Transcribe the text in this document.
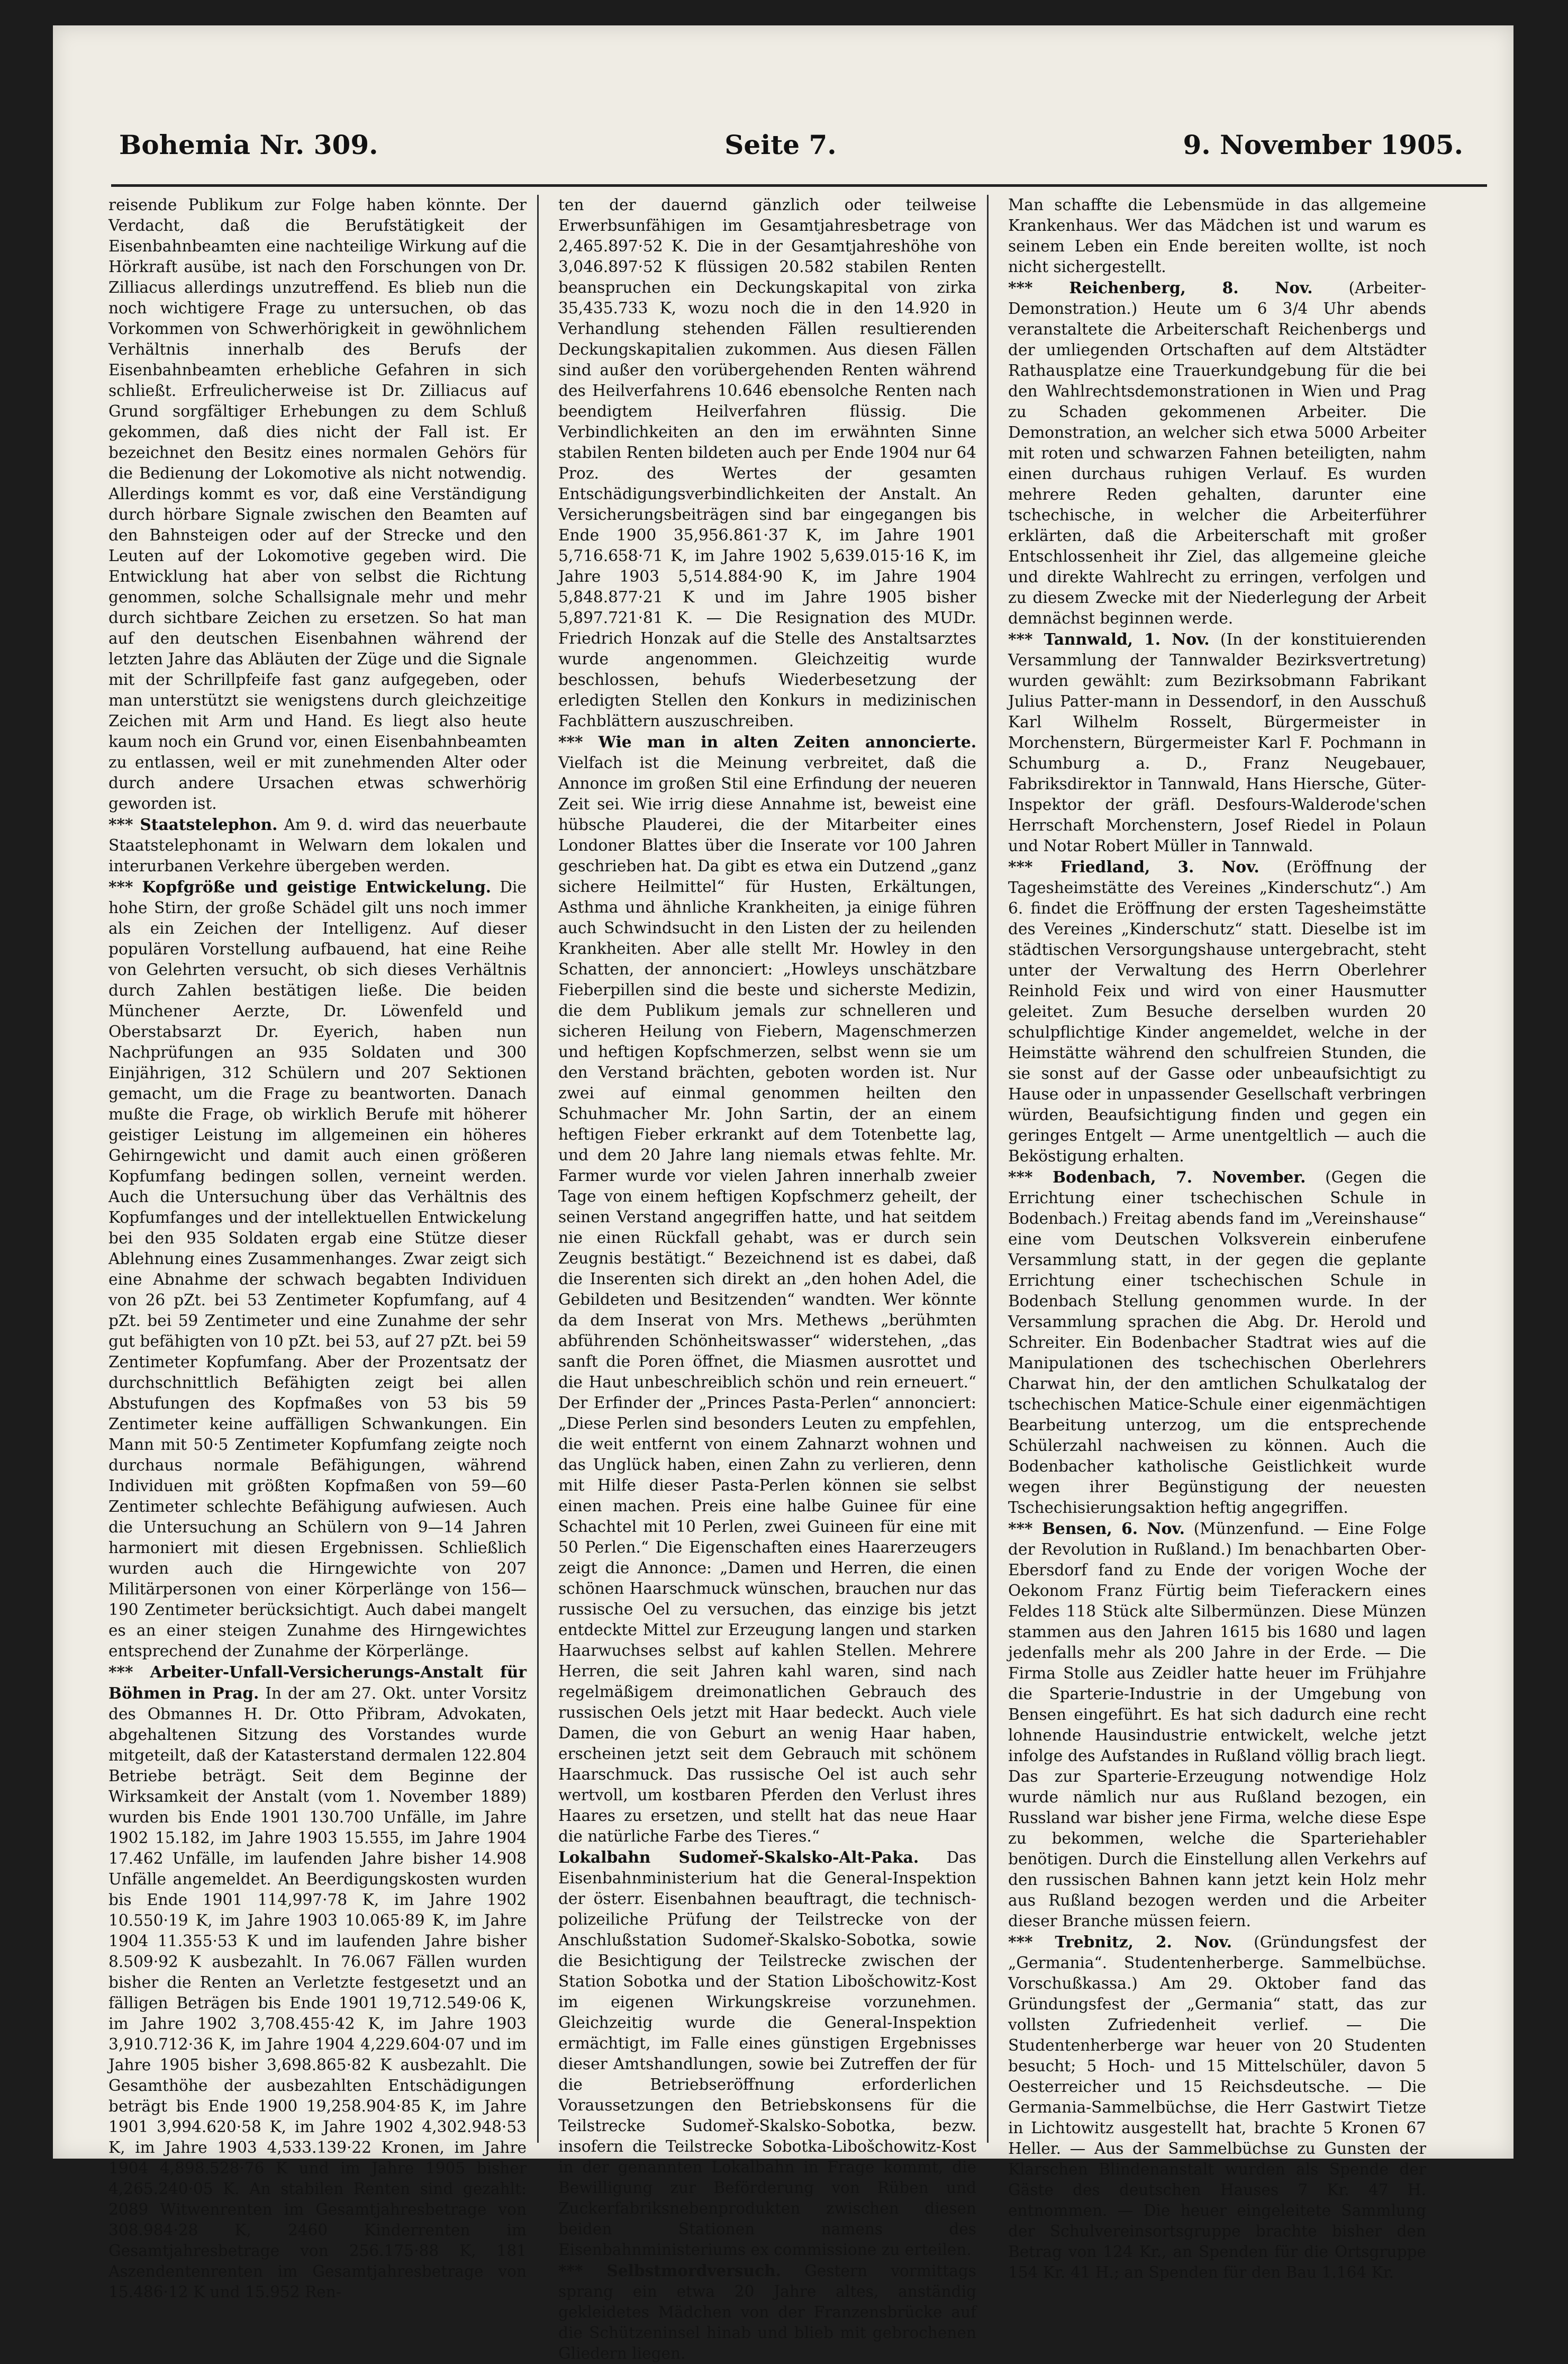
Bohemia Nr. 309.	Seite 7.	9. November 1905.

reisende Publikum zur Folge haben könnte. Der Verdacht, daß die Berufstätigkeit der Eisenbahnbeamten eine nachteilige Wirkung auf die Hörkraft ausübe, ist nach den Forschungen von Dr. Zilliacus allerdings unzutreffend. Es blieb nun die noch wichtigere Frage zu untersuchen, ob das Vorkommen von Schwerhörigkeit in gewöhnlichem Verhältnis innerhalb des Berufs der Eisenbahnbeamten erhebliche Gefahren in sich schließt. Erfreulicherweise ist Dr. Zilliacus auf Grund sorgfältiger Erhebungen zu dem Schluß gekommen, daß dies nicht der Fall ist. Er bezeichnet den Besitz eines normalen Gehörs für die Bedienung der Lokomotive als nicht notwendig. Allerdings kommt es vor, daß eine Verständigung durch hörbare Signale zwischen den Beamten auf den Bahnsteigen oder auf der Strecke und den Leuten auf der Lokomotive gegeben wird. Die Entwicklung hat aber von selbst die Richtung genommen, solche Schallsignale mehr und mehr durch sichtbare Zeichen zu ersetzen. So hat man auf den deutschen Eisenbahnen während der letzten Jahre das Abläuten der Züge und die Signale mit der Schrillpfeife fast ganz aufgegeben, oder man unterstützt sie wenigstens durch gleichzeitige Zeichen mit Arm und Hand. Es liegt also heute kaum noch ein Grund vor, einen Eisenbahnbeamten zu entlassen, weil er mit zunehmenden Alter oder durch andere Ursachen etwas schwerhörig geworden ist.

*** Staatstelephon. Am 9. d. wird das neuerbaute Staatstelephonamt in Welwarn dem lokalen und interurbanen Verkehre übergeben werden.

*** Kopfgröße und geistige Entwickelung. Die hohe Stirn, der große Schädel gilt uns noch immer als ein Zeichen der Intelligenz. Auf dieser populären Vorstellung aufbauend, hat eine Reihe von Gelehrten versucht, ob sich dieses Verhältnis durch Zahlen bestätigen ließe. Die beiden Münchener Aerzte, Dr. Löwenfeld und Oberstabsarzt Dr. Eyerich, haben nun Nachprüfungen an 935 Soldaten und 300 Einjährigen, 312 Schülern und 207 Sektionen gemacht, um die Frage zu beantworten. Danach mußte die Frage, ob wirklich Berufe mit höherer geistiger Leistung im allgemeinen ein höheres Gehirngewicht und damit auch einen größeren Kopfumfang bedingen sollen, verneint werden. Auch die Untersuchung über das Verhältnis des Kopfumfanges und der intellektuellen Entwickelung bei den 935 Soldaten ergab eine Stütze dieser Ablehnung eines Zusammenhanges. Zwar zeigt sich eine Abnahme der schwach begabten Individuen von 26 pZt. bei 53 Zentimeter Kopfumfang, auf 4 pZt. bei 59 Zentimeter und eine Zunahme der sehr gut befähigten von 10 pZt. bei 53, auf 27 pZt. bei 59 Zentimeter Kopfumfang. Aber der Prozentsatz der durchschnittlich Befähigten zeigt bei allen Abstufungen des Kopfmaßes von 53 bis 59 Zentimeter keine auffälligen Schwankungen. Ein Mann mit 50·5 Zentimeter Kopfumfang zeigte noch durchaus normale Befähigungen, während Individuen mit größten Kopfmaßen von 59—60 Zentimeter schlechte Befähigung aufwiesen. Auch die Untersuchung an Schülern von 9—14 Jahren harmoniert mit diesen Ergebnissen. Schließlich wurden auch die Hirngewichte von 207 Militärpersonen von einer Körperlänge von 156—190 Zentimeter berücksichtigt. Auch dabei mangelt es an einer steigen Zunahme des Hirngewichtes entsprechend der Zunahme der Körperlänge.

*** Arbeiter-Unfall-Versicherungs-Anstalt für Böhmen in Prag. In der am 27. Okt. unter Vorsitz des Obmannes H. Dr. Otto Přibram, Advokaten, abgehaltenen Sitzung des Vorstandes wurde mitgeteilt, daß der Katasterstand dermalen 122.804 Betriebe beträgt. Seit dem Beginne der Wirksamkeit der Anstalt (vom 1. November 1889) wurden bis Ende 1901 130.700 Unfälle, im Jahre 1902 15.182, im Jahre 1903 15.555, im Jahre 1904 17.462 Unfälle, im laufenden Jahre bisher 14.908 Unfälle angemeldet. An Beerdigungskosten wurden bis Ende 1901 114,997·78 K, im Jahre 1902 10.550·19 K, im Jahre 1903 10.065·89 K, im Jahre 1904 11.355·53 K und im laufenden Jahre bisher 8.509·92 K ausbezahlt. In 76.067 Fällen wurden bisher die Renten an Verletzte festgesetzt und an fälligen Beträgen bis Ende 1901 19,712.549·06 K, im Jahre 1902 3,708.455·42 K, im Jahre 1903 3,910.712·36 K, im Jahre 1904 4,229.604·07 und im Jahre 1905 bisher 3,698.865·82 K ausbezahlt. Die Gesamthöhe der ausbezahlten Entschädigungen beträgt bis Ende 1900 19,258.904·85 K, im Jahre 1901 3,994.620·58 K, im Jahre 1902 4,302.948·53 K, im Jahre 1903 4,533.139·22 Kronen, im Jahre 1904 4,898.528·76 K und im Jahre 1905 bisher 4,265.240·05 K. An stabilen Renten sind gezahlt: 2089 Witwenrenten im Gesamtjahresbetrage von 308.984·28 K, 2460 Kinderrenten im Gesamtjahresbetrage von 256.175·88 K, 181 Aszendentenrenten im Gesamtjahresbetrage von 15.486·12 K und 15.952 Ren-

ten der dauernd gänzlich oder teilweise Erwerbsunfähigen im Gesamtjahresbetrage von 2,465.897·52 K. Die in der Gesamtjahreshöhe von 3,046.897·52 K flüssigen 20.582 stabilen Renten beanspruchen ein Deckungskapital von zirka 35,435.733 K, wozu noch die in den 14.920 in Verhandlung stehenden Fällen resultierenden Deckungskapitalien zukommen. Aus diesen Fällen sind außer den vorübergehenden Renten während des Heilverfahrens 10.646 ebensolche Renten nach beendigtem Heilverfahren flüssig. Die Verbindlichkeiten an den im erwähnten Sinne stabilen Renten bildeten auch per Ende 1904 nur 64 Proz. des Wertes der gesamten Entschädigungsverbindlichkeiten der Anstalt. An Versicherungsbeiträgen sind bar eingegangen bis Ende 1900 35,956.861·37 K, im Jahre 1901 5,716.658·71 K, im Jahre 1902 5,639.015·16 K, im Jahre 1903 5,514.884·90 K, im Jahre 1904 5,848.877·21 K und im Jahre 1905 bisher 5,897.721·81 K. — Die Resignation des MUDr. Friedrich Honzak auf die Stelle des Anstaltsarztes wurde angenommen. Gleichzeitig wurde beschlossen, behufs Wiederbesetzung der erledigten Stellen den Konkurs in medizinischen Fachblättern auszuschreiben.

*** Wie man in alten Zeiten annoncierte. Vielfach ist die Meinung verbreitet, daß die Annonce im großen Stil eine Erfindung der neueren Zeit sei. Wie irrig diese Annahme ist, beweist eine hübsche Plauderei, die der Mitarbeiter eines Londoner Blattes über die Inserate vor 100 Jahren geschrieben hat. Da gibt es etwa ein Dutzend „ganz sichere Heilmittel“ für Husten, Erkältungen, Asthma und ähnliche Krankheiten, ja einige führen auch Schwindsucht in den Listen der zu heilenden Krankheiten. Aber alle stellt Mr. Howley in den Schatten, der annonciert: „Howleys unschätzbare Fieberpillen sind die beste und sicherste Medizin, die dem Publikum jemals zur schnelleren und sicheren Heilung von Fiebern, Magenschmerzen und heftigen Kopfschmerzen, selbst wenn sie um den Verstand brächten, geboten worden ist. Nur zwei auf einmal genommen heilten den Schuhmacher Mr. John Sartin, der an einem heftigen Fieber erkrankt auf dem Totenbette lag, und dem 20 Jahre lang niemals etwas fehlte. Mr. Farmer wurde vor vielen Jahren innerhalb zweier Tage von einem heftigen Kopfschmerz geheilt, der seinen Verstand angegriffen hatte, und hat seitdem nie einen Rückfall gehabt, was er durch sein Zeugnis bestätigt.“ Bezeichnend ist es dabei, daß die Inserenten sich direkt an „den hohen Adel, die Gebildeten und Besitzenden“ wandten. Wer könnte da dem Inserat von Mrs. Methews „berühmten abführenden Schönheitswasser“ widerstehen, „das sanft die Poren öffnet, die Miasmen ausrottet und die Haut unbeschreiblich schön und rein erneuert.“ Der Erfinder der „Princes Pasta-Perlen“ annonciert: „Diese Perlen sind besonders Leuten zu empfehlen, die weit entfernt von einem Zahnarzt wohnen und das Unglück haben, einen Zahn zu verlieren, denn mit Hilfe dieser Pasta-Perlen können sie selbst einen machen. Preis eine halbe Guinee für eine Schachtel mit 10 Perlen, zwei Guineen für eine mit 50 Perlen.“ Die Eigenschaften eines Haarerzeugers zeigt die Annonce: „Damen und Herren, die einen schönen Haarschmuck wünschen, brauchen nur das russische Oel zu versuchen, das einzige bis jetzt entdeckte Mittel zur Erzeugung langen und starken Haarwuchses selbst auf kahlen Stellen. Mehrere Herren, die seit Jahren kahl waren, sind nach regelmäßigem dreimonatlichen Gebrauch des russischen Oels jetzt mit Haar bedeckt. Auch viele Damen, die von Geburt an wenig Haar haben, erscheinen jetzt seit dem Gebrauch mit schönem Haarschmuck. Das russische Oel ist auch sehr wertvoll, um kostbaren Pferden den Verlust ihres Haares zu ersetzen, und stellt hat das neue Haar die natürliche Farbe des Tieres.“

Lokalbahn Sudomeř-Skalsko-Alt-Paka. Das Eisenbahnministerium hat die General-Inspektion der österr. Eisenbahnen beauftragt, die technisch-polizeiliche Prüfung der Teilstrecke von der Anschlußstation Sudomeř-Skalsko-Sobotka, sowie die Besichtigung der Teilstrecke zwischen der Station Sobotka und der Station Libošchowitz-Kost im eigenen Wirkungskreise vorzunehmen. Gleichzeitig wurde die General-Inspektion ermächtigt, im Falle eines günstigen Ergebnisses dieser Amtshandlungen, sowie bei Zutreffen der für die Betriebseröffnung erforderlichen Voraussetzungen den Betriebskonsens für die Teilstrecke Sudomeř-Skalsko-Sobotka, bezw. insofern die Teilstrecke Sobotka-Libošchowitz-Kost in der genannten Lokalbahn in Frage kommt, die Bewilligung zur Beförderung von Rüben und Zuckerfabriksnebenprodukten zwischen diesen beiden Stationen namens des Eisenbahnministeriums ex commissione zu erteilen.

*** Selbstmordversuch. Gestern vormittags sprang ein etwa 20 Jahre altes, anständig gekleidetes Mädchen von der Franzensbrücke auf die Schützeninsel hinab und blieb mit gebrochenen Gliedern liegen.

Man schaffte die Lebensmüde in das allgemeine Krankenhaus. Wer das Mädchen ist und warum es seinem Leben ein Ende bereiten wollte, ist noch nicht sichergestellt.

*** Reichenberg, 8. Nov. (Arbeiter-Demonstration.) Heute um 6 3/4 Uhr abends veranstaltete die Arbeiterschaft Reichenbergs und der umliegenden Ortschaften auf dem Altstädter Rathausplatze eine Trauerkundgebung für die bei den Wahlrechtsdemonstrationen in Wien und Prag zu Schaden gekommenen Arbeiter. Die Demonstration, an welcher sich etwa 5000 Arbeiter mit roten und schwarzen Fahnen beteiligten, nahm einen durchaus ruhigen Verlauf. Es wurden mehrere Reden gehalten, darunter eine tschechische, in welcher die Arbeiterführer erklärten, daß die Arbeiterschaft mit großer Entschlossenheit ihr Ziel, das allgemeine gleiche und direkte Wahlrecht zu erringen, verfolgen und zu diesem Zwecke mit der Niederlegung der Arbeit demnächst beginnen werde.

*** Tannwald, 1. Nov. (In der konstituierenden Versammlung der Tannwalder Bezirksvertretung) wurden gewählt: zum Bezirksobmann Fabrikant Julius Patter-mann in Dessendorf, in den Ausschuß Karl Wilhelm Rosselt, Bürgermeister in Morchenstern, Bürgermeister Karl F. Pochmann in Schumburg a. D., Franz Neugebauer, Fabriksdirektor in Tannwald, Hans Hiersche, Güter-Inspektor der gräfl. Desfours-Walderode'schen Herrschaft Morchenstern, Josef Riedel in Polaun und Notar Robert Müller in Tannwald.

*** Friedland, 3. Nov. (Eröffnung der Tagesheimstätte des Vereines „Kinderschutz“.) Am 6. findet die Eröffnung der ersten Tagesheimstätte des Vereines „Kinderschutz“ statt. Dieselbe ist im städtischen Versorgungshause untergebracht, steht unter der Verwaltung des Herrn Oberlehrer Reinhold Feix und wird von einer Hausmutter geleitet. Zum Besuche derselben wurden 20 schulpflichtige Kinder angemeldet, welche in der Heimstätte während den schulfreien Stunden, die sie sonst auf der Gasse oder unbeaufsichtigt zu Hause oder in unpassender Gesellschaft verbringen würden, Beaufsichtigung finden und gegen ein geringes Entgelt — Arme unentgeltlich — auch die Beköstigung erhalten.

*** Bodenbach, 7. November. (Gegen die Errichtung einer tschechischen Schule in Bodenbach.) Freitag abends fand im „Vereinshause“ eine vom Deutschen Volksverein einberufene Versammlung statt, in der gegen die geplante Errichtung einer tschechischen Schule in Bodenbach Stellung genommen wurde. In der Versammlung sprachen die Abg. Dr. Herold und Schreiter. Ein Bodenbacher Stadtrat wies auf die Manipulationen des tschechischen Oberlehrers Charwat hin, der den amtlichen Schulkatalog der tschechischen Matice-Schule einer eigenmächtigen Bearbeitung unterzog, um die entsprechende Schülerzahl nachweisen zu können. Auch die Bodenbacher katholische Geistlichkeit wurde wegen ihrer Begünstigung der neuesten Tschechisierungsaktion heftig angegriffen.

*** Bensen, 6. Nov. (Münzenfund. — Eine Folge der Revolution in Rußland.) Im benachbarten Ober-Ebersdorf fand zu Ende der vorigen Woche der Oekonom Franz Fürtig beim Tieferackern eines Feldes 118 Stück alte Silbermünzen. Diese Münzen stammen aus den Jahren 1615 bis 1680 und lagen jedenfalls mehr als 200 Jahre in der Erde. — Die Firma Stolle aus Zeidler hatte heuer im Frühjahre die Sparterie-Industrie in der Umgebung von Bensen eingeführt. Es hat sich dadurch eine recht lohnende Hausindustrie entwickelt, welche jetzt infolge des Aufstandes in Rußland völlig brach liegt. Das zur Sparterie-Erzeugung notwendige Holz wurde nämlich nur aus Rußland bezogen, ein Russland war bisher jene Firma, welche diese Espe zu bekommen, welche die Sparteriehabler benötigen. Durch die Einstellung allen Verkehrs auf den russischen Bahnen kann jetzt kein Holz mehr aus Rußland bezogen werden und die Arbeiter dieser Branche müssen feiern.

*** Trebnitz, 2. Nov. (Gründungsfest der „Germania“. Studentenherberge. Sammelbüchse. Vorschußkassa.) Am 29. Oktober fand das Gründungsfest der „Germania“ statt, das zur vollsten Zufriedenheit verlief. — Die Studentenherberge war heuer von 20 Studenten besucht; 5 Hoch- und 15 Mittelschüler, davon 5 Oesterreicher und 15 Reichsdeutsche. — Die Germania-Sammelbüchse, die Herr Gastwirt Tietze in Lichtowitz ausgestellt hat, brachte 5 Kronen 67 Heller. — Aus der Sammelbüchse zu Gunsten der Klarschen Blindenanstalt wurden als Spende der Gäste des deutschen Hauses 7 Kr. 47 H. entnommen. — Die heuer eingeleitete Sammlung der Schulvereinsortsgruppe brachte bisher den Betrag von 124 Kr., an Spenden für die Ortsgruppe 154 Kr. 41 H.; an Spenden für den Bau 1.164 Kr.
